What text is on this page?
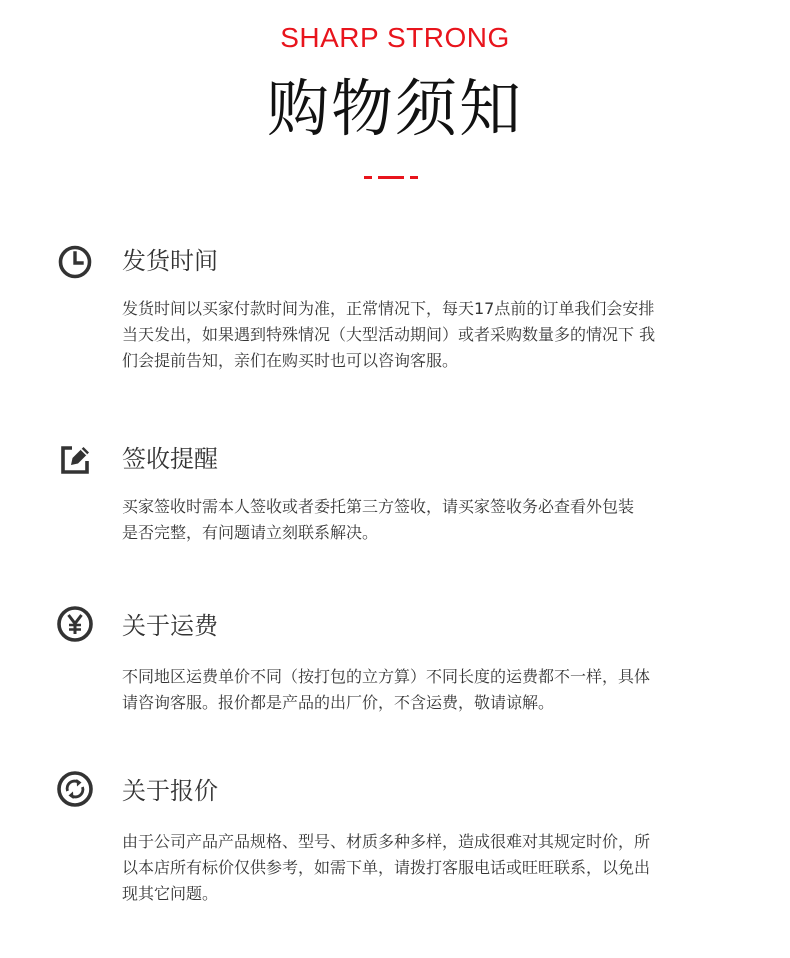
SHARP STRONG
购物须知
发货时间
发货时间以买家付款时间为准，正常情况下，每天17点前的订单我们会安排
当天发出，如果遇到特殊情况（大型活动期间）或者采购数量多的情况下 我
们会提前告知，亲们在购买时也可以咨询客服。
签收提醒
买家签收时需本人签收或者委托第三方签收，请买家签收务必查看外包装
是否完整，有问题请立刻联系解决。
关于运费
不同地区运费单价不同（按打包的立方算）不同长度的运费都不一样，具体
请咨询客服。报价都是产品的出厂价，不含运费，敬请谅解。
关于报价
由于公司产品产品规格、型号、材质多种多样，造成很难对其规定时价，所
以本店所有标价仅供参考，如需下单，请拨打客服电话或旺旺联系，以免出
现其它问题。
